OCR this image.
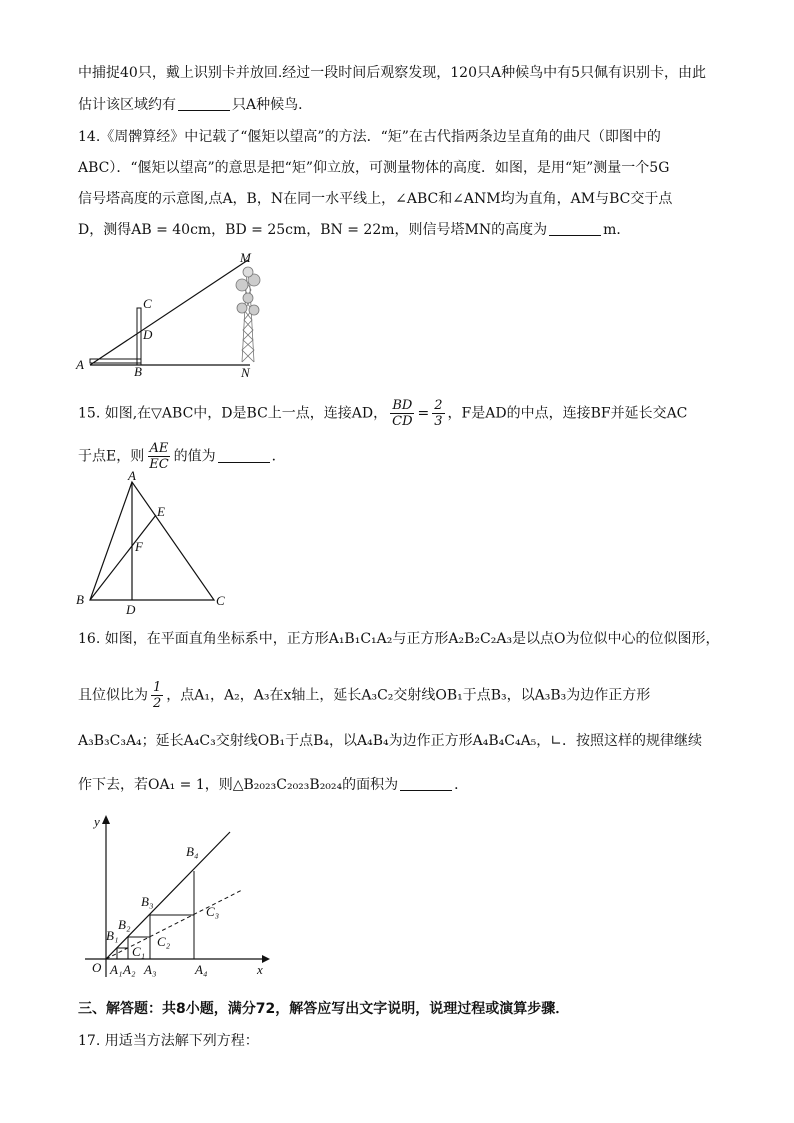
中捕捉40只，戴上识别卡并放回.经过一段时间后观察发现，120只A种候鸟中有5只佩有识别卡，由此
估计该区域约有	只A种候鸟．
14.《周髀算经》中记载了“偃矩以望高”的方法．“矩”在古代指两条边呈直角的曲尺（即图中的
ABC）．“偃矩以望高”的意思是把“矩”仰立放，可测量物体的高度．如图，是用“矩”测量一个5G
信号塔高度的示意图,点A，B，N在同一水平线上，∠ABC和∠ANM均为直角，AM与BC交于点
D，测得AB = 40cm，BD = 25cm，BN = 22m，则信号塔MN的高度为	m．
M
C
D
A	B	N
15. 如图,在▽ABC中，D是BC上一点，连接AD， $\frac{BD}{CD} = \frac{2}{3}$ ，F是AD的中点，连接BF并延长交AC
于点E，则 $\frac{AE}{EC}$ 的值为	．
A
E
F
B
D
C
16. 如图，在平面直角坐标系中，正方形A₁B₁C₁A₂与正方形A₂B₂C₂A₃是以点O为位似中心的位似图形，
且位似比为 $\frac{1}{2}$ ，点A₁，A₂，A₃在x轴上，延长A₃C₂交射线OB₁于点B₃，以A₃B₃为边作正方形
A₃B₃C₃A₄；延长A₄C₃交射线OB₁于点B₄，以A₄B₄为边作正方形A₄B₄C₄A₅，∟．按照这样的规律继续
作下去，若OA₁ = 1，则△B₂₀₂₃C₂₀₂₃B₂₀₂₄的面积为	．
y
x
O
B₄
B₃
B₂
B₁
C₃
C₂
C₁
A₁ A₂ A₃	A₄
三、解答题：共8小题，满分72，解答应写出文字说明，说理过程或演算步骤．
17. 用适当方法解下列方程：
